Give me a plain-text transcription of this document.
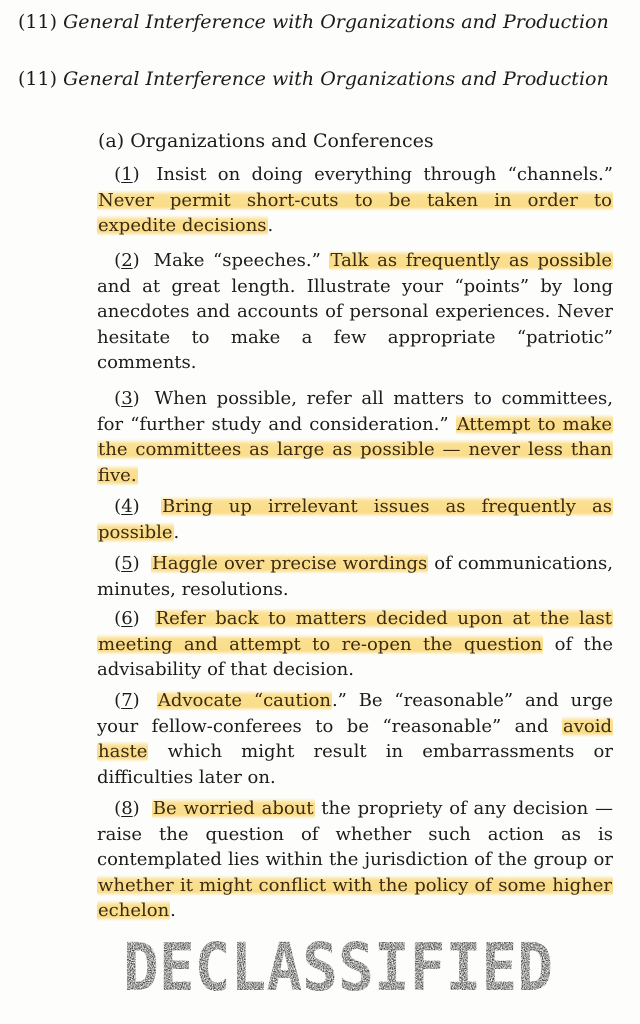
(11) General Interference with Organizations and Production
(11) General Interference with Organizations and Production
(a) Organizations and Conferences
(1) Insist on doing everything through “channels.” Never permit short-cuts to be taken in order to expedite decisions.
(2) Make “speeches.” Talk as frequently as possible and at great length. Illustrate your “points” by long anecdotes and accounts of personal experiences. Never hesitate to make a few appropriate “patriotic” comments.
(3) When possible, refer all matters to committees, for “further study and consideration.” Attempt to make the committees as large as possible — never less than five.
(4) Bring up irrelevant issues as frequently as possible.
(5) Haggle over precise wordings of communications, minutes, resolutions.
(6) Refer back to matters decided upon at the last meeting and attempt to re-open the question of the advisability of that decision.
(7) Advocate “caution.” Be “reasonable” and urge your fellow-conferees to be “reasonable” and avoid haste which might result in embarrassments or difficulties later on.
(8) Be worried about the propriety of any decision — raise the question of whether such action as is contemplated lies within the jurisdiction of the group or whether it might conflict with the policy of some higher echelon.
DECLASSIFIED
